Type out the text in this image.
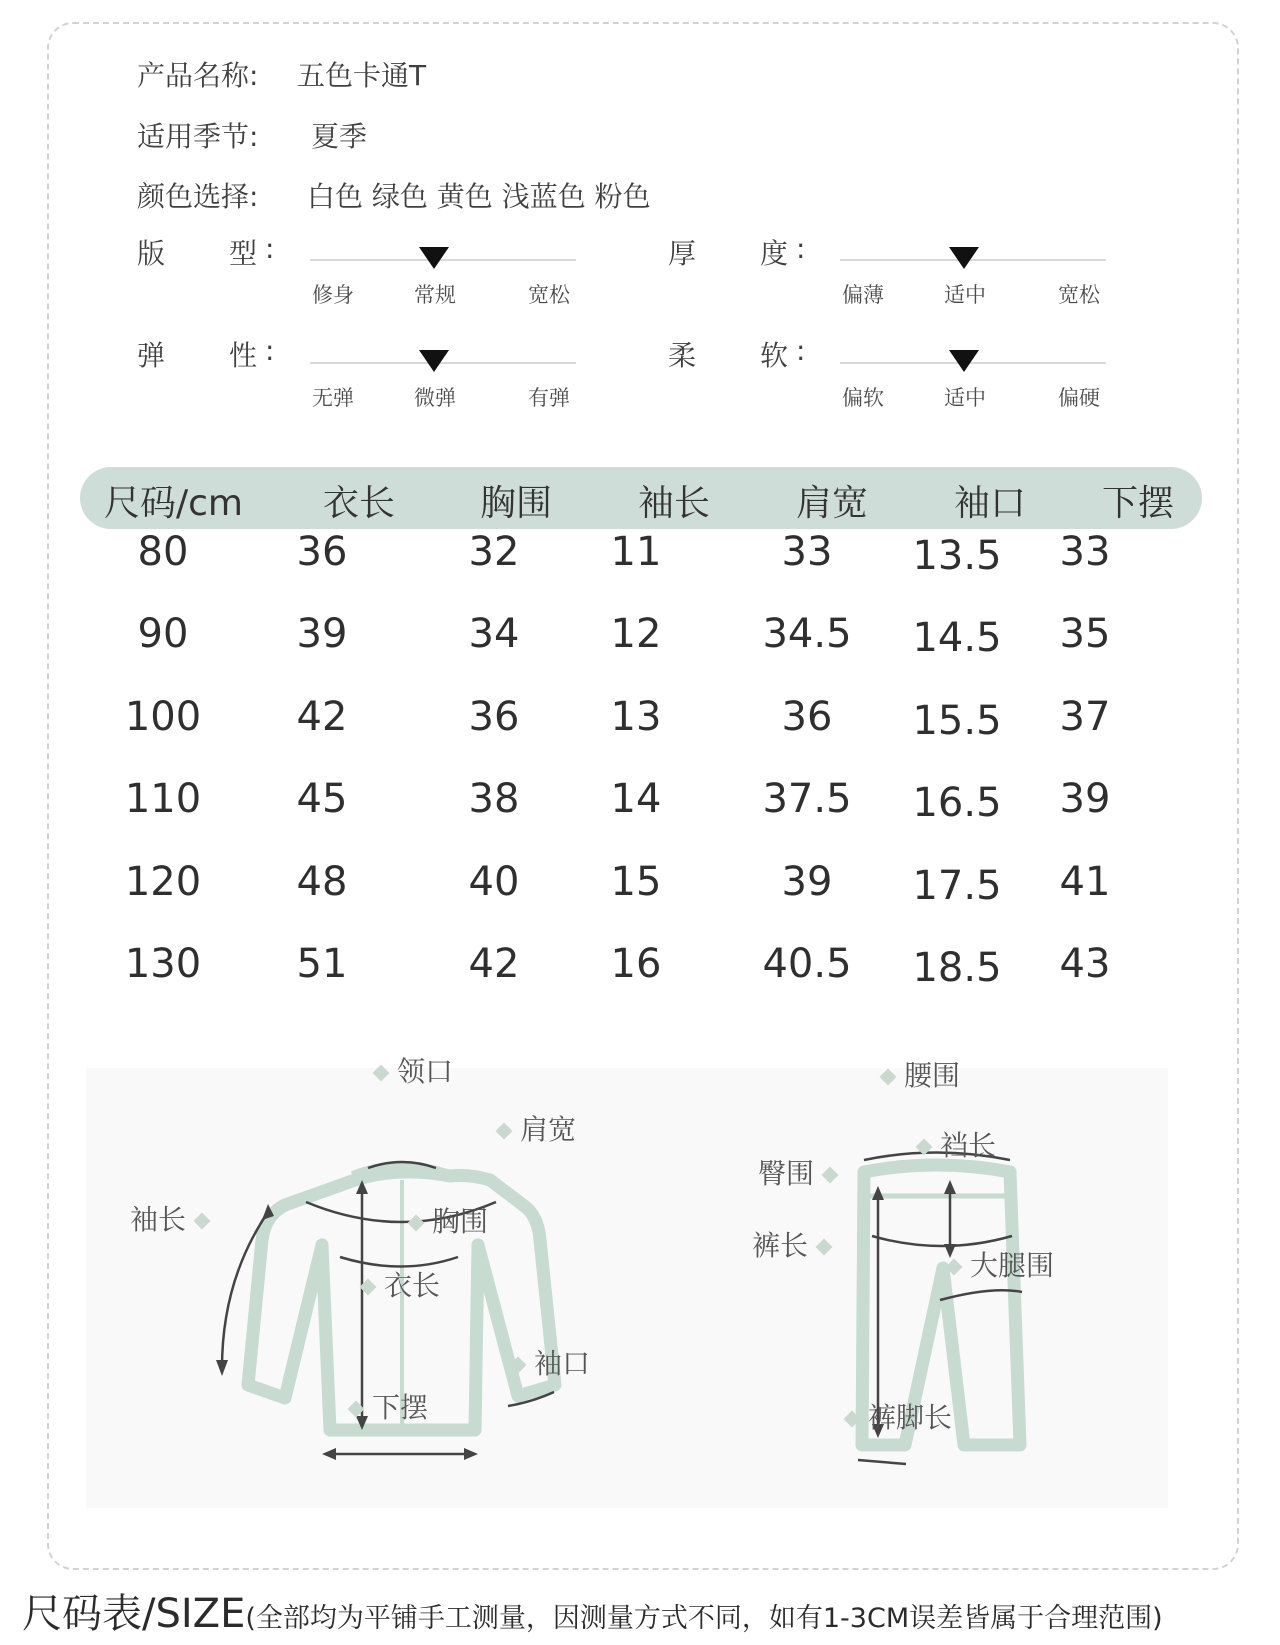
产品名称: 五色卡通T
适用季节: 夏季
颜色选择: 白色 绿色 黄色 浅蓝色 粉色
版 型 :	厚 度 :
弹 性 :	柔 软 :
修身	常规	宽松	偏薄	适中	宽松
无弹	微弹	有弹	偏软	适中	偏硬
尺码/cm 衣长 胸围 袖长 肩宽 袖口 下摆
80	36	32 11	33 13.5 33
90	39	34 12	34.5 14.5 35
100 42	36 13	36 15.5 37
110 45	38 14	37.5 16.5 39
120 48	40 15	39 17.5 41
130 51	42 16	40.5 18.5 43
领口
肩宽
袖长	胸围
衣长
袖口
下摆
腰围
裆长
臀围
裤长
大腿围
裤脚长
尺码表/SIZE(全部均为平铺手工测量，因测量方式不同，如有1-3CM误差皆属于合理范围)
